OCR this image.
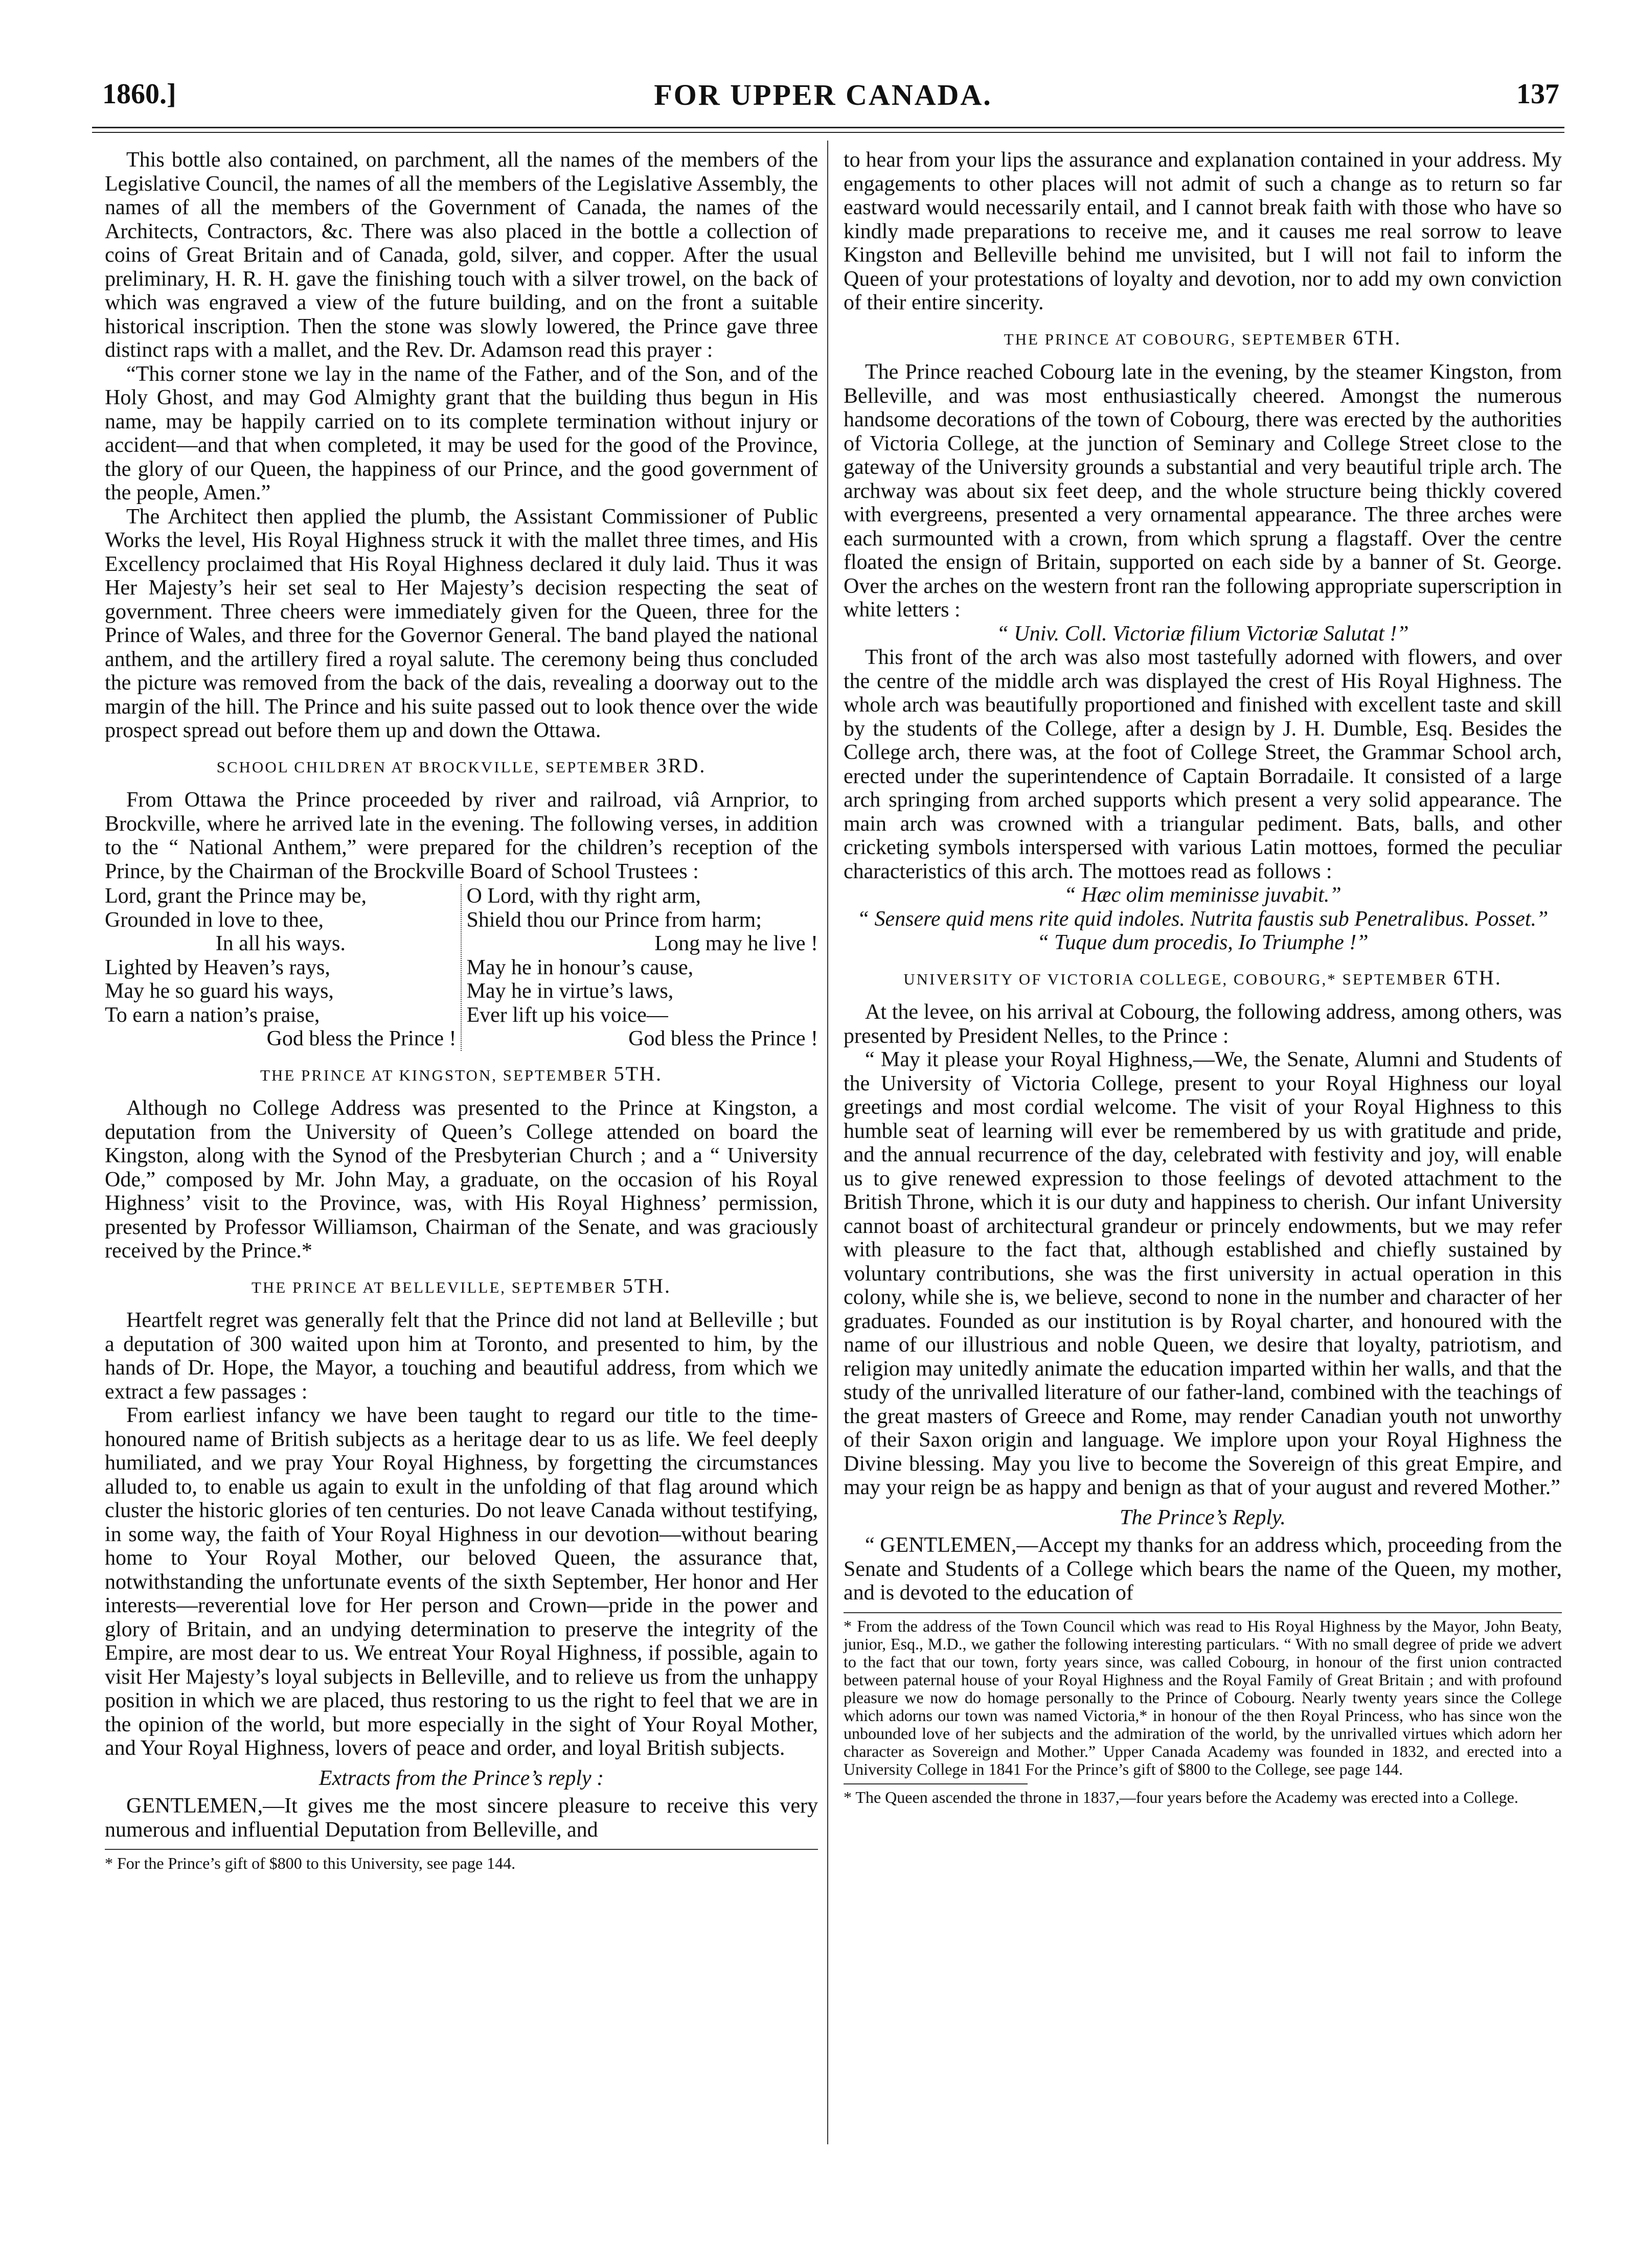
1860.]	FOR UPPER CANADA.	137

This bottle also contained, on parchment, all the names of the members of the Legislative Council, the names of all the members of the Legislative Assembly, the names of all the members of the Government of Canada, the names of the Architects, Contractors, &c. There was also placed in the bottle a collection of coins of Great Britain and of Canada, gold, silver, and copper. After the usual preliminary, H. R. H. gave the finishing touch with a silver trowel, on the back of which was engraved a view of the future building, and on the front a suitable historical inscription. Then the stone was slowly lowered, the Prince gave three distinct raps with a mallet, and the Rev. Dr. Adamson read this prayer :

“This corner stone we lay in the name of the Father, and of the Son, and of the Holy Ghost, and may God Almighty grant that the building thus begun in His name, may be happily carried on to its complete termination without injury or accident—and that when completed, it may be used for the good of the Province, the glory of our Queen, the happiness of our Prince, and the good government of the people, Amen.”

The Architect then applied the plumb, the Assistant Commissioner of Public Works the level, His Royal Highness struck it with the mallet three times, and His Excellency proclaimed that His Royal Highness declared it duly laid. Thus it was Her Majesty’s heir set seal to Her Majesty’s decision respecting the seat of government. Three cheers were immediately given for the Queen, three for the Prince of Wales, and three for the Governor General. The band played the national anthem, and the artillery fired a royal salute. The ceremony being thus concluded the picture was removed from the back of the dais, revealing a doorway out to the margin of the hill. The Prince and his suite passed out to look thence over the wide prospect spread out before them up and down the Ottawa.

SCHOOL CHILDREN AT BROCKVILLE, SEPTEMBER 3RD.

From Ottawa the Prince proceeded by river and railroad, viâ Arnprior, to Brockville, where he arrived late in the evening. The following verses, in addition to the “ National Anthem,” were prepared for the children’s reception of the Prince, by the Chairman of the Brockville Board of School Trustees :

Lord, grant the Prince may be,
Grounded in love to thee,
In all his ways.
Lighted by Heaven’s rays,
May he so guard his ways,
To earn a nation’s praise,
God bless the Prince !
O Lord, with thy right arm,
Shield thou our Prince from harm;
Long may he live !
May he in honour’s cause,
May he in virtue’s laws,
Ever lift up his voice—
God bless the Prince !
THE PRINCE AT KINGSTON, SEPTEMBER 5TH.

Although no College Address was presented to the Prince at Kingston, a deputation from the University of Queen’s College attended on board the Kingston, along with the Synod of the Presbyterian Church ; and a “ University Ode,” composed by Mr. John May, a graduate, on the occasion of his Royal Highness’ visit to the Province, was, with His Royal Highness’ permission, presented by Professor Williamson, Chairman of the Senate, and was graciously received by the Prince.*

THE PRINCE AT BELLEVILLE, SEPTEMBER 5TH.

Heartfelt regret was generally felt that the Prince did not land at Belleville ; but a deputation of 300 waited upon him at Toronto, and presented to him, by the hands of Dr. Hope, the Mayor, a touching and beautiful address, from which we extract a few passages :

From earliest infancy we have been taught to regard our title to the time-honoured name of British subjects as a heritage dear to us as life. We feel deeply humiliated, and we pray Your Royal Highness, by forgetting the circumstances alluded to, to enable us again to exult in the unfolding of that flag around which cluster the historic glories of ten centuries. Do not leave Canada without testifying, in some way, the faith of Your Royal Highness in our devotion—without bearing home to Your Royal Mother, our beloved Queen, the assurance that, notwithstanding the unfortunate events of the sixth September, Her honor and Her interests—reverential love for Her person and Crown—pride in the power and glory of Britain, and an undying determination to preserve the integrity of the Empire, are most dear to us. We entreat Your Royal Highness, if possible, again to visit Her Majesty’s loyal subjects in Belleville, and to relieve us from the unhappy position in which we are placed, thus restoring to us the right to feel that we are in the opinion of the world, but more especially in the sight of Your Royal Mother, and Your Royal Highness, lovers of peace and order, and loyal British subjects.

Extracts from the Prince’s reply :

GENTLEMEN,—It gives me the most sincere pleasure to receive this very numerous and influential Deputation from Belleville, and

* For the Prince’s gift of $800 to this University, see page 144.

to hear from your lips the assurance and explanation contained in your address. My engagements to other places will not admit of such a change as to return so far eastward would necessarily entail, and I cannot break faith with those who have so kindly made preparations to receive me, and it causes me real sorrow to leave Kingston and Belleville behind me unvisited, but I will not fail to inform the Queen of your protestations of loyalty and devotion, nor to add my own conviction of their entire sincerity.

THE PRINCE AT COBOURG, SEPTEMBER 6TH.

The Prince reached Cobourg late in the evening, by the steamer Kingston, from Belleville, and was most enthusiastically cheered. Amongst the numerous handsome decorations of the town of Cobourg, there was erected by the authorities of Victoria College, at the junction of Seminary and College Street close to the gateway of the University grounds a substantial and very beautiful triple arch. The archway was about six feet deep, and the whole structure being thickly covered with evergreens, presented a very ornamental appearance. The three arches were each surmounted with a crown, from which sprung a flagstaff. Over the centre floated the ensign of Britain, supported on each side by a banner of St. George. Over the arches on the western front ran the following appropriate superscription in white letters :

“ Univ. Coll. Victoriæ filium Victoriæ Salutat !”

This front of the arch was also most tastefully adorned with flowers, and over the centre of the middle arch was displayed the crest of His Royal Highness. The whole arch was beautifully proportioned and finished with excellent taste and skill by the students of the College, after a design by J. H. Dumble, Esq. Besides the College arch, there was, at the foot of College Street, the Grammar School arch, erected under the superintendence of Captain Borradaile. It consisted of a large arch springing from arched supports which present a very solid appearance. The main arch was crowned with a triangular pediment. Bats, balls, and other cricketing symbols interspersed with various Latin mottoes, formed the peculiar characteristics of this arch. The mottoes read as follows :

“ Hæc olim meminisse juvabit.”
“ Sensere quid mens rite quid indoles. Nutrita faustis sub Penetralibus. Posset.”
“ Tuque dum procedis, Io Triumphe !”
UNIVERSITY OF VICTORIA COLLEGE, COBOURG,* SEPTEMBER 6TH.

At the levee, on his arrival at Cobourg, the following address, among others, was presented by President Nelles, to the Prince :

“ May it please your Royal Highness,—We, the Senate, Alumni and Students of the University of Victoria College, present to your Royal Highness our loyal greetings and most cordial welcome. The visit of your Royal Highness to this humble seat of learning will ever be remembered by us with gratitude and pride, and the annual recurrence of the day, celebrated with festivity and joy, will enable us to give renewed expression to those feelings of devoted attachment to the British Throne, which it is our duty and happiness to cherish. Our infant University cannot boast of architectural grandeur or princely endowments, but we may refer with pleasure to the fact that, although established and chiefly sustained by voluntary contributions, she was the first university in actual operation in this colony, while she is, we believe, second to none in the number and character of her graduates. Founded as our institution is by Royal charter, and honoured with the name of our illustrious and noble Queen, we desire that loyalty, patriotism, and religion may unitedly animate the education imparted within her walls, and that the study of the unrivalled literature of our father-land, combined with the teachings of the great masters of Greece and Rome, may render Canadian youth not unworthy of their Saxon origin and language. We implore upon your Royal Highness the Divine blessing. May you live to become the Sovereign of this great Empire, and may your reign be as happy and benign as that of your august and revered Mother.”

The Prince’s Reply.

“ GENTLEMEN,—Accept my thanks for an address which, proceeding from the Senate and Students of a College which bears the name of the Queen, my mother, and is devoted to the education of

* From the address of the Town Council which was read to His Royal Highness by the Mayor, John Beaty, junior, Esq., M.D., we gather the following interesting particulars. “ With no small degree of pride we advert to the fact that our town, forty years since, was called Cobourg, in honour of the first union contracted between paternal house of your Royal Highness and the Royal Family of Great Britain ; and with profound pleasure we now do homage personally to the Prince of Cobourg. Nearly twenty years since the College which adorns our town was named Victoria,* in honour of the then Royal Princess, who has since won the unbounded love of her subjects and the admiration of the world, by the unrivalled virtues which adorn her character as Sovereign and Mother.” Upper Canada Academy was founded in 1832, and erected into a University College in 1841 For the Prince’s gift of $800 to the College, see page 144.

* The Queen ascended the throne in 1837,—four years before the Academy was erected into a College.
